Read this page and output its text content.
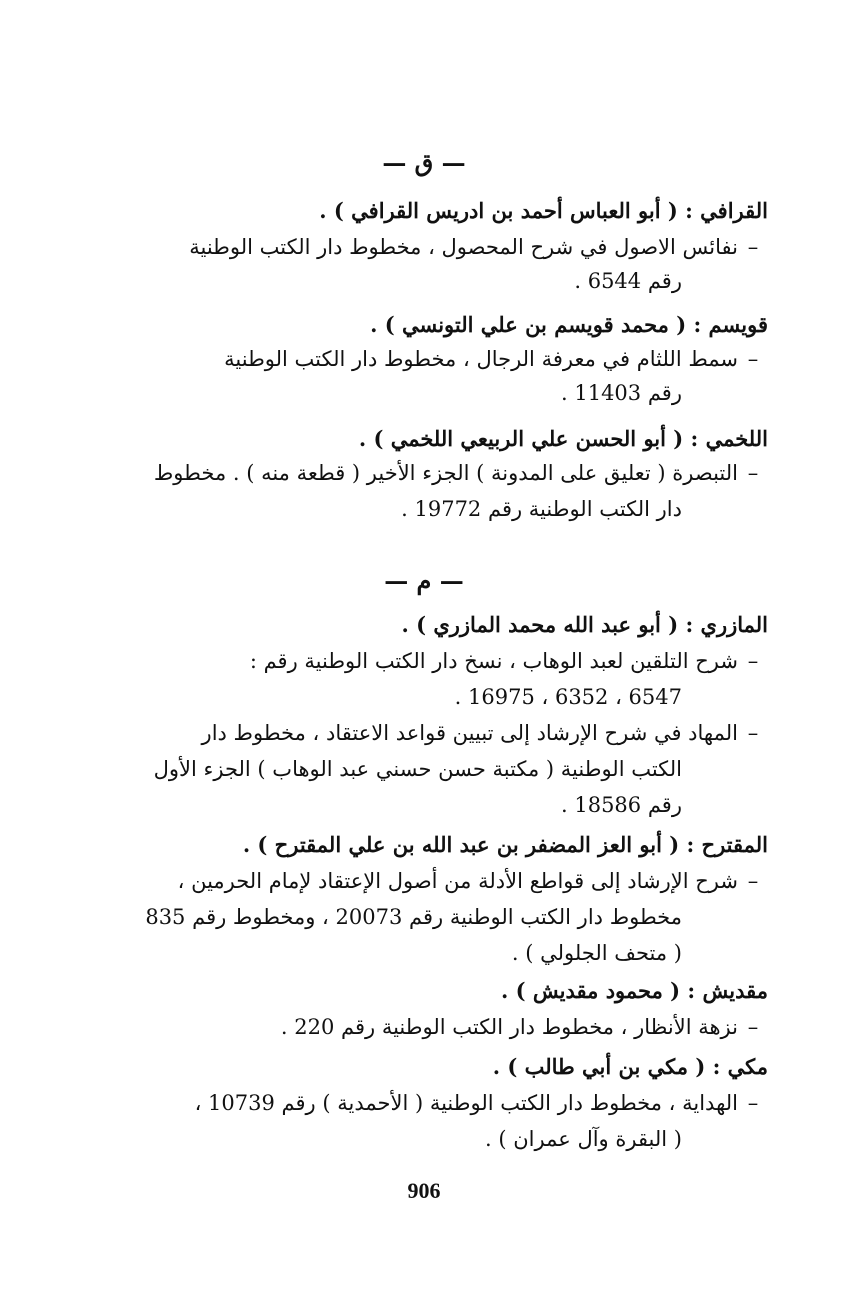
— ق —
القرافي : ( أبو العباس أحمد بن ادريس القرافي ) .
–نفائس الاصول في شرح المحصول ، مخطوط دار الكتب الوطنية
رقم 6544 .
قويسم : ( محمد قويسم بن علي التونسي ) .
–سمط اللثام في معرفة الرجال ، مخطوط دار الكتب الوطنية
رقم 11403 .
اللخمي : ( أبو الحسن علي الربيعي اللخمي ) .
–التبصرة ( تعليق على المدونة ) الجزء الأخير ( قطعة منه ) . مخطوط
دار الكتب الوطنية رقم 19772 .
— م —
المازري : ( أبو عبد الله محمد المازري ) .
–شرح التلقين لعبد الوهاب ، نسخ دار الكتب الوطنية رقم :
6547 ، 6352 ، 16975 .
–المهاد في شرح الإرشاد إلى تبيين قواعد الاعتقاد ، مخطوط دار
الكتب الوطنية ( مكتبة حسن حسني عبد الوهاب ) الجزء الأول
رقم 18586 .
المقترح : ( أبو العز المضفر بن عبد الله بن علي المقترح ) .
–شرح الإرشاد إلى قواطع الأدلة من أصول الإعتقاد لإمام الحرمين ،
مخطوط دار الكتب الوطنية رقم 20073 ، ومخطوط رقم 835
( متحف الجلولي ) .
مقديش : ( محمود مقديش ) .
–نزهة الأنظار ، مخطوط دار الكتب الوطنية رقم 220 .
مكي : ( مكي بن أبي طالب ) .
–الهداية ، مخطوط دار الكتب الوطنية ( الأحمدية ) رقم 10739 ،
( البقرة وآل عمران ) .
906
